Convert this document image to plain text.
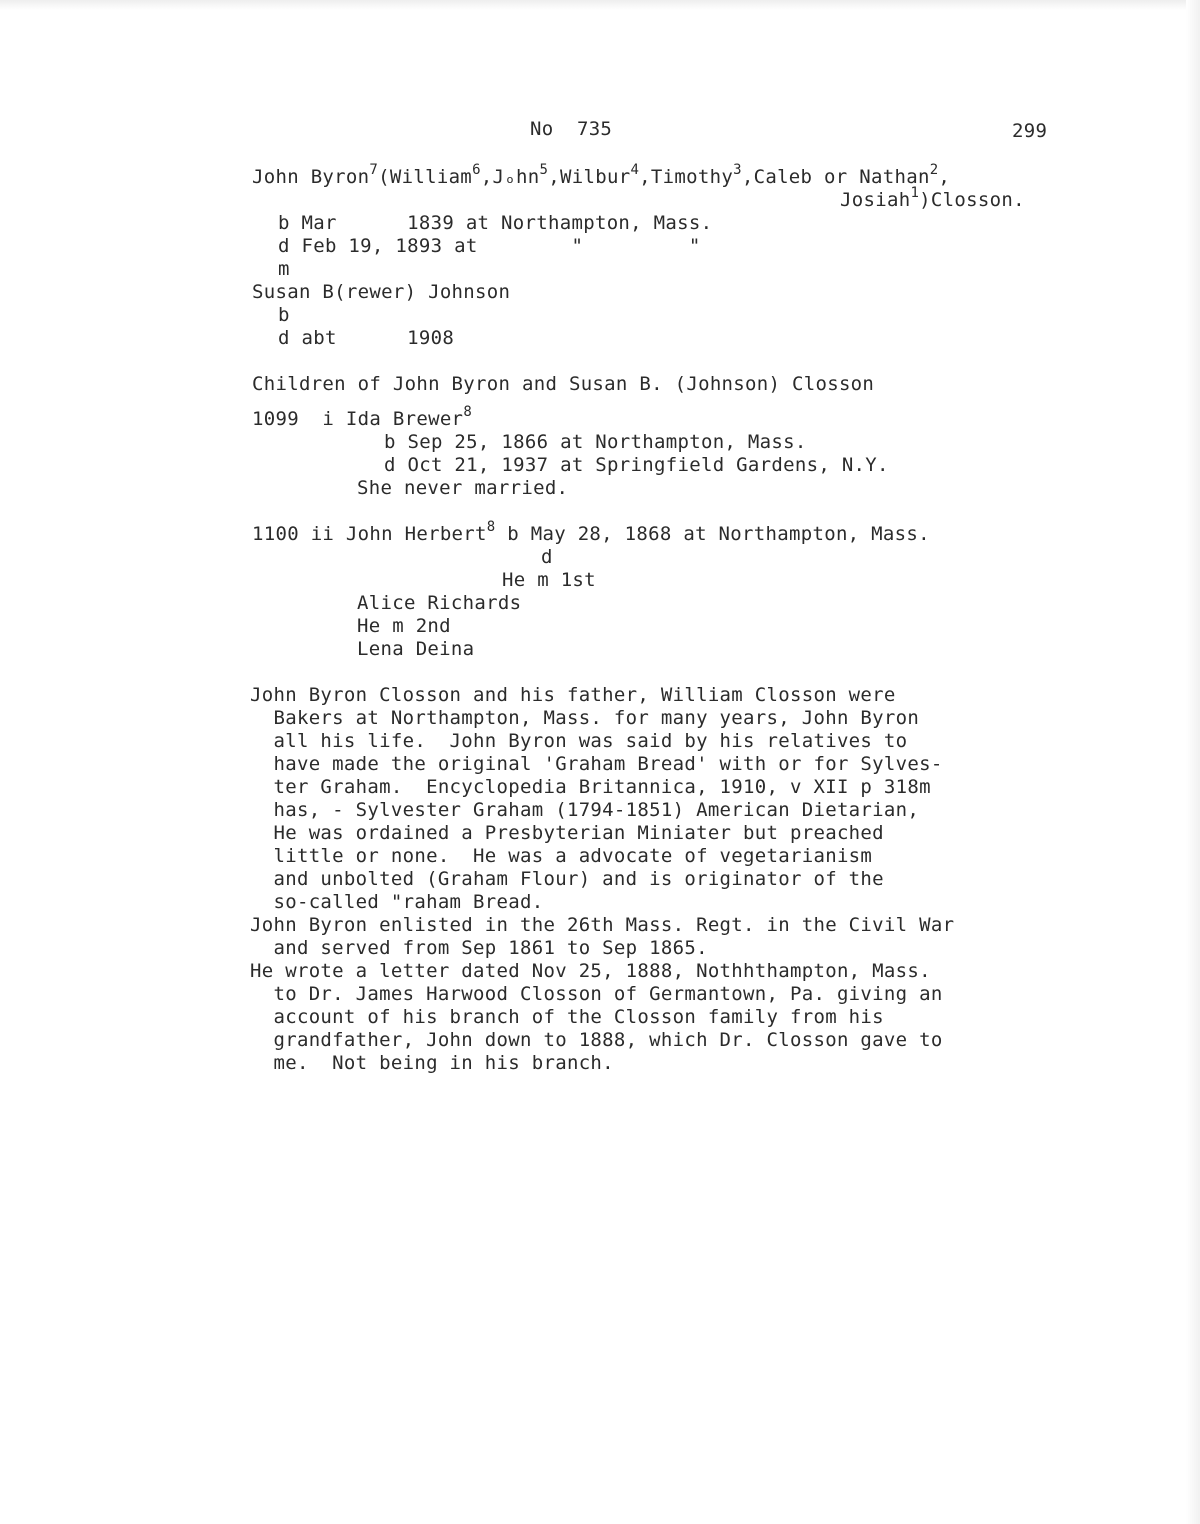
No  735	299
John Byron$^7$(William$^6$,Jₒhn$^5$,Wilbur$^4$,Timothy$^3$,Caleb or Nathan$^2$,
Josiah$^1$)Closson.
b Mar      1839 at Northampton, Mass.
d Feb 19, 1893 at        "         "
m
Susan B(rewer) Johnson
b
d abt      1908
Children of John Byron and Susan B. (Johnson) Closson
1099  i Ida Brewer$^8$
b Sep 25, 1866 at Northampton, Mass.
d Oct 21, 1937 at Springfield Gardens, N.Y.
She never married.
1100 ii John Herbert$^8$ b May 28, 1868 at Northampton, Mass.
d
He m 1st
Alice Richards
He m 2nd
Lena Deina
John Byron Closson and his father, William Closson were
Bakers at Northampton, Mass. for many years, John Byron
all his life.  John Byron was said by his relatives to
have made the original 'Graham Bread' with or for Sylves-
ter Graham.  Encyclopedia Britannica, 1910, v XII p 318m
has, - Sylvester Graham (1794-1851) American Dietarian,
He was ordained a Presbyterian Miniater but preached
little or none.  He was a advocate of vegetarianism
and unbolted (Graham Flour) and is originator of the
so-called "raham Bread.
John Byron enlisted in the 26th Mass. Regt. in the Civil War
and served from Sep 1861 to Sep 1865.
He wrote a letter dated Nov 25, 1888, Nothhthampton, Mass.
to Dr. James Harwood Closson of Germantown, Pa. giving an
account of his branch of the Closson family from his
grandfather, John down to 1888, which Dr. Closson gave to
me.  Not being in his branch.
